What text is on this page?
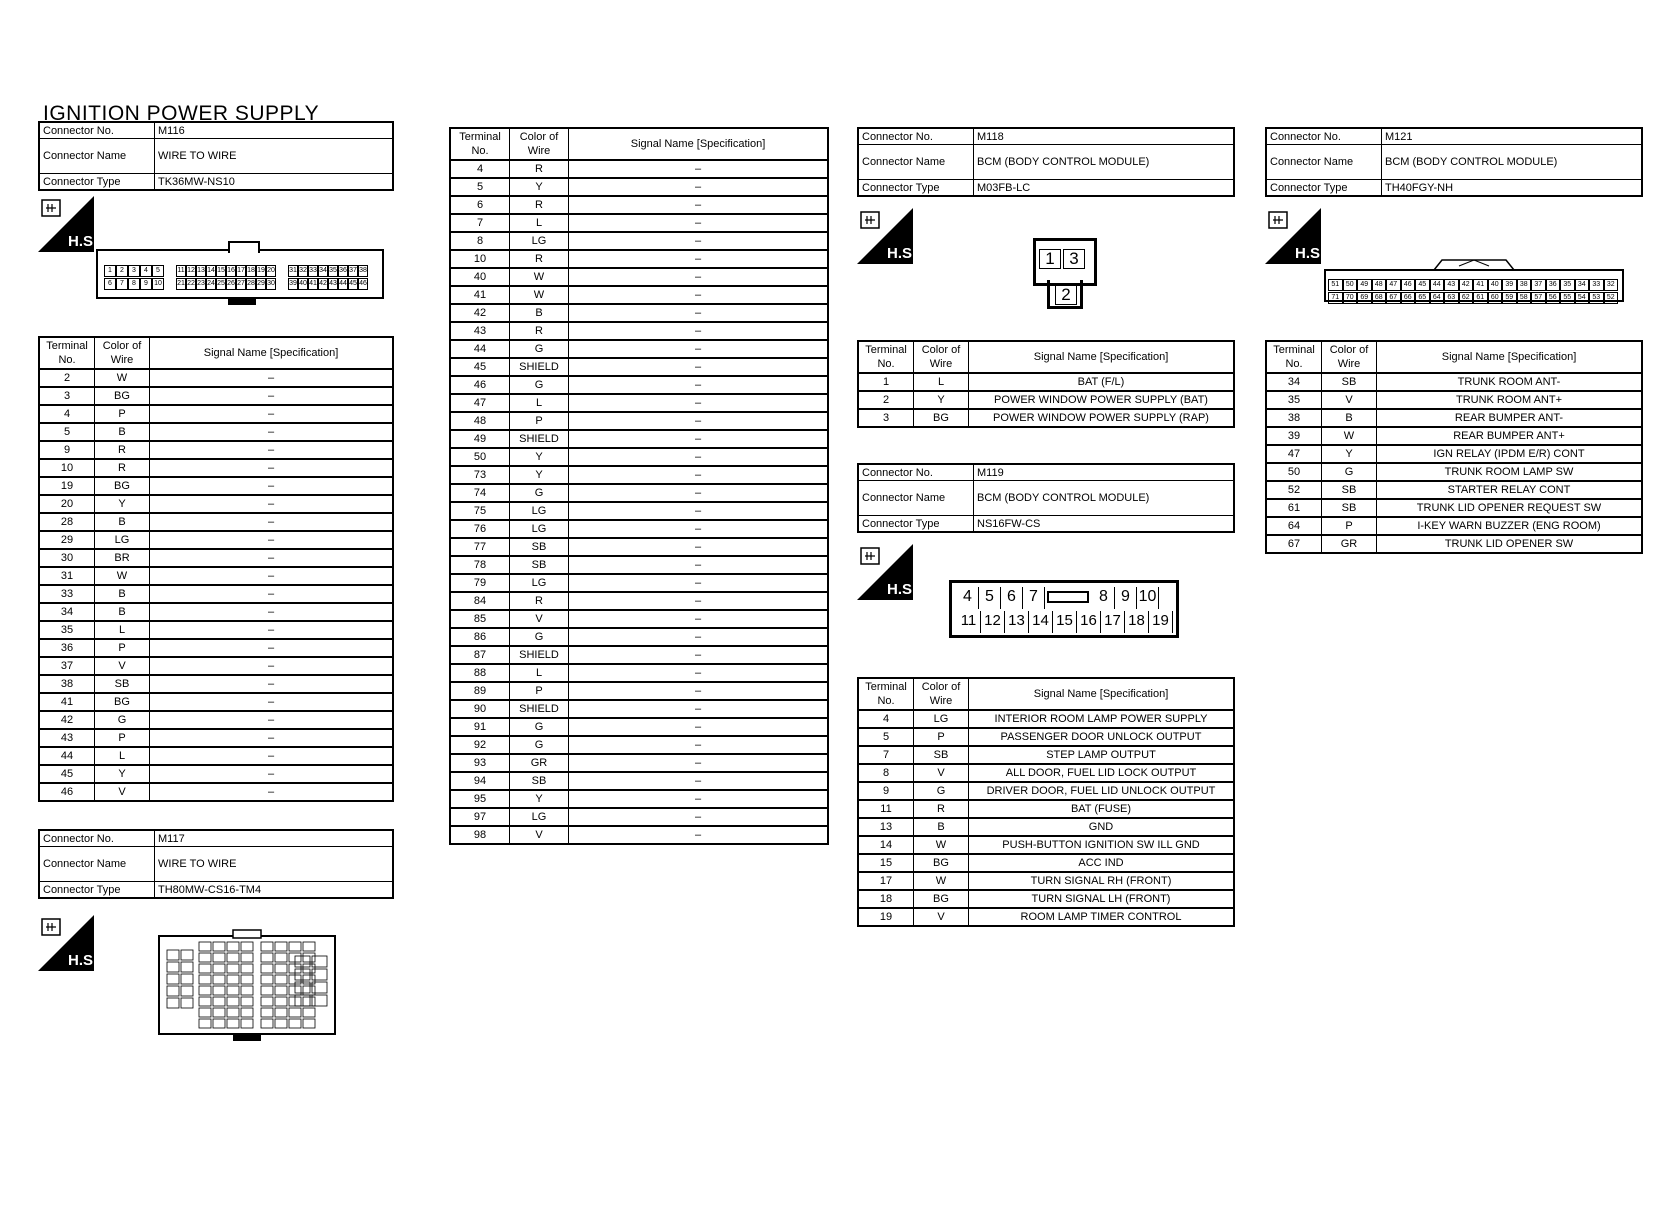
IGNITION POWER SUPPLY
Connector No.	M116
Connector Name	WIRE TO WIRE
Connector Type	TK36MW-NS10
H.S.
1 2 3 4 5
6 7 8 9 10
11 12 13 14 15 16 17 18 19 20
21 22 23 24 25 26 27 28 29 30
31 32 33 34 35 36 37 38
39 40 41 42 43 44 45 46
Terminal No.	Color of Wire	Signal Name [Specification]
2	W	–
3	BG	–
4	P	–
5	B	–
9	R	–
10	R	–
19	BG	–
20	Y	–
28	B	–
29	LG	–
30	BR	–
31	W	–
33	B	–
34	B	–
35	L	–
36	P	–
37	V	–
38	SB	–
41	BG	–
42	G	–
43	P	–
44	L	–
45	Y	–
46	V	–
Connector No.	M117
Connector Name	WIRE TO WIRE
Connector Type	TH80MW-CS16-TM4
H.S.
Terminal No.	Color of Wire	Signal Name [Specification]
4	R	–
5	Y	–
6	R	–
7	L	–
8	LG	–
10	R	–
40	W	–
41	W	–
42	B	–
43	R	–
44	G	–
45	SHIELD	–
46	G	–
47	L	–
48	P	–
49	SHIELD	–
50	Y	–
73	Y	–
74	G	–
75	LG	–
76	LG	–
77	SB	–
78	SB	–
79	LG	–
84	R	–
85	V	–
86	G	–
87	SHIELD	–
88	L	–
89	P	–
90	SHIELD	–
91	G	–
92	G	–
93	GR	–
94	SB	–
95	Y	–
97	LG	–
98	V	–
Connector No.	M118
Connector Name	BCM (BODY CONTROL MODULE)
Connector Type	M03FB-LC
H.S.	1 3
2
Terminal No.	Color of Wire	Signal Name [Specification]
1	L	BAT (F/L)
2	Y	POWER WINDOW POWER SUPPLY (BAT)
3	BG	POWER WINDOW POWER SUPPLY (RAP)
Connector No.	M119
Connector Name	BCM (BODY CONTROL MODULE)
Connector Type	NS16FW-CS
H.S.	4 5 6 7	8 9 10
11 12 13 14 15 16 17 18 19
Terminal No.	Color of Wire	Signal Name [Specification]
4	LG	INTERIOR ROOM LAMP POWER SUPPLY
5	P	PASSENGER DOOR UNLOCK OUTPUT
7	SB	STEP LAMP OUTPUT
8	V	ALL DOOR, FUEL LID LOCK OUTPUT
9	G	DRIVER DOOR, FUEL LID UNLOCK OUTPUT
11	R	BAT (FUSE)
13	B	GND
14	W	PUSH-BUTTON IGNITION SW ILL GND
15	BG	ACC IND
17	W	TURN SIGNAL RH (FRONT)
18	BG	TURN SIGNAL LH (FRONT)
19	V	ROOM LAMP TIMER CONTROL
Connector No.	M121
Connector Name	BCM (BODY CONTROL MODULE)
Connector Type	TH40FGY-NH
H.S.
51 50 49 48 47 46 45 44 43 42 41 40 39 38 37 36 35 34 33 32
71 70 69 68 67 66 65 64 63 62 61 60 59 58 57 56 55 54 53 52
Terminal No.	Color of Wire	Signal Name [Specification]
34	SB	TRUNK ROOM ANT-
35	V	TRUNK ROOM ANT+
38	B	REAR BUMPER ANT-
39	W	REAR BUMPER ANT+
47	Y	IGN RELAY (IPDM E/R) CONT
50	G	TRUNK ROOM LAMP SW
52	SB	STARTER RELAY CONT
61	SB	TRUNK LID OPENER REQUEST SW
64	P	I-KEY WARN BUZZER (ENG ROOM)
67	GR	TRUNK LID OPENER SW
